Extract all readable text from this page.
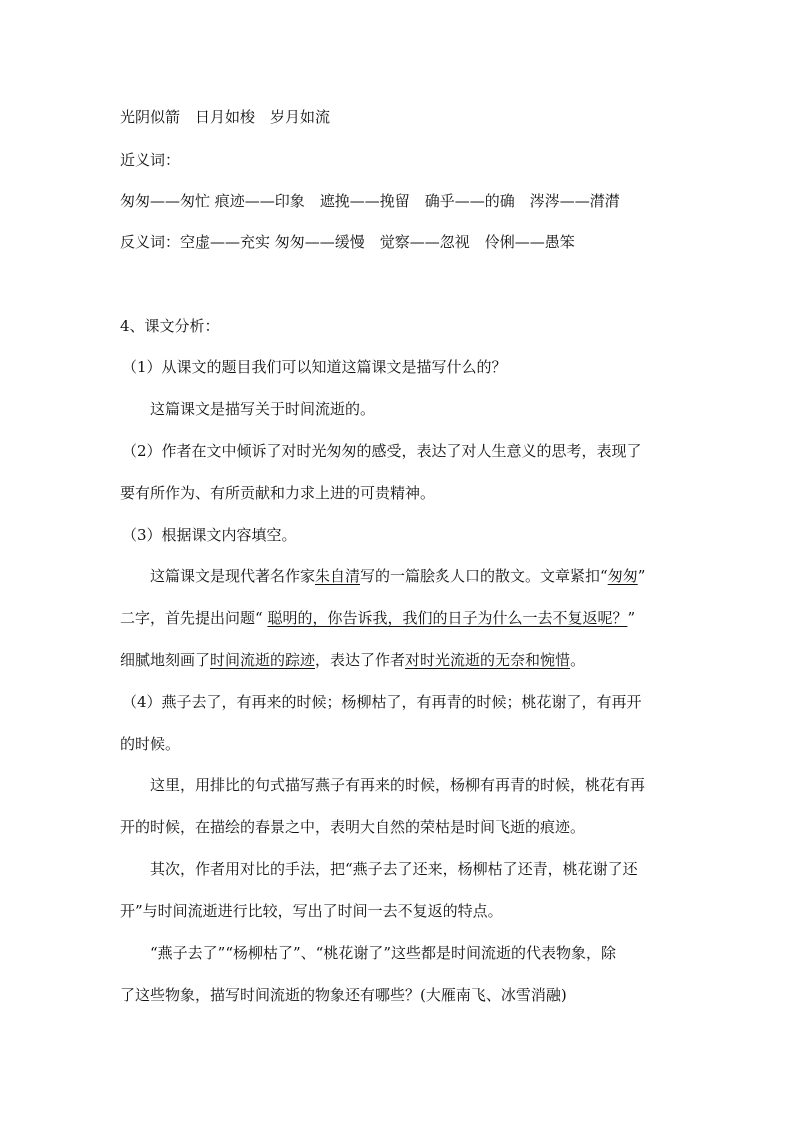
光阴似箭　日月如梭　岁月如流
近义词：
匆匆——匆忙 痕迹——印象　遮挽——挽留　确乎——的确　涔涔——潸潸
反义词：空虚——充实 匆匆——缓慢　觉察——忽视　伶俐——愚笨
4、课文分析：
（1）从课文的题目我们可以知道这篇课文是描写什么的？
这篇课文是描写关于时间流逝的。
（2）作者在文中倾诉了对时光匆匆的感受，表达了对人生意义的思考，表现了
要有所作为、有所贡献和力求上进的可贵精神。
（3）根据课文内容填空。
这篇课文是现代著名作家朱自清写的一篇脍炙人口的散文。文章紧扣“匆匆”
二字，首先提出问题“ 聪明的，你告诉我，我们的日子为什么一去不复返呢？”
细腻地刻画了时间流逝的踪迹，表达了作者对时光流逝的无奈和惋惜。
（4）燕子去了，有再来的时候；杨柳枯了，有再青的时候；桃花谢了，有再开
的时候。
这里，用排比的句式描写燕子有再来的时候，杨柳有再青的时候，桃花有再
开的时候，在描绘的春景之中，表明大自然的荣枯是时间飞逝的痕迹。
其次，作者用对比的手法，把“燕子去了还来，杨柳枯了还青，桃花谢了还
开”与时间流逝进行比较，写出了时间一去不复返的特点。
“燕子去了”“杨柳枯了”、“桃花谢了”这些都是时间流逝的代表物象，除
了这些物象，描写时间流逝的物象还有哪些？(大雁南飞、冰雪消融)
